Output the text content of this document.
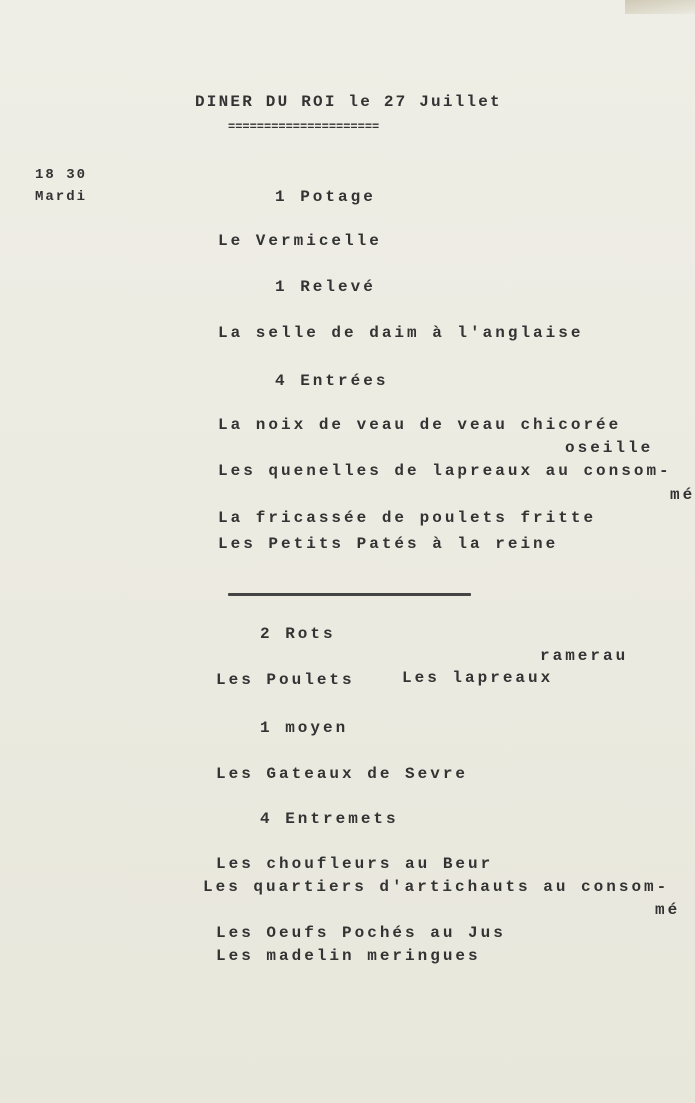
DINER DU ROI le 27 Juillet
=====================
18 30
Mardi	1 Potage
Le Vermicelle
1 Relevé
La selle de daim à l'anglaise
4 Entrées
La noix de veau de veau chicorée
oseille
Les quenelles de lapreaux au consom-
mé
La fricassée de poulets fritte
Les Petits Patés à la reine
2 Rots
ramerau
Les Poulets	Les lapreaux
1 moyen
Les Gateaux de Sevre
4 Entremets
Les choufleurs au Beur
Les quartiers d'artichauts au consom-
mé
Les Oeufs Pochés au Jus
Les madelin meringues
